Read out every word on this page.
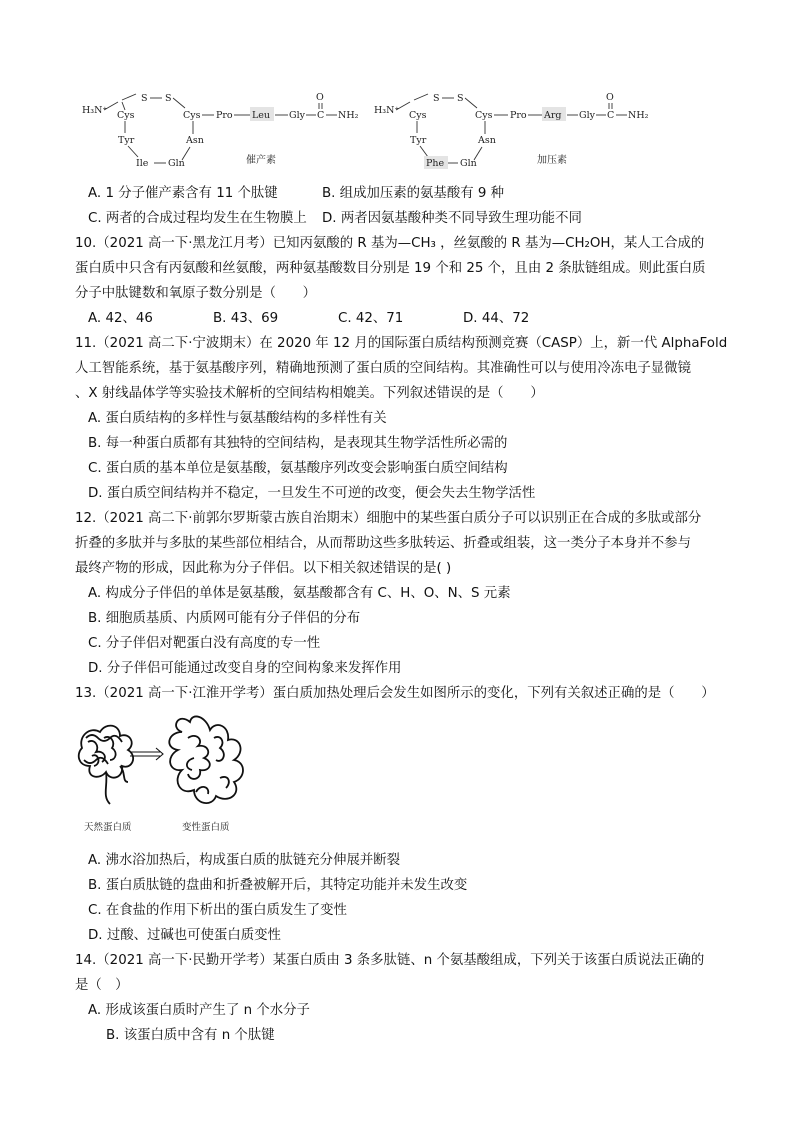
H₃N⁺
S S
Cys	Cys
Tyr
Ile Gln
Asn
Pro Leu Gly C
O
NH₂
催产素
H₃N⁺
S S
Cys	Cys
Tyr
Phe Gln
Asn
Pro Arg Gly C
O
NH₂
加压素
A. 1 分子催产素含有 11 个肽键	B. 组成加压素的氨基酸有 9 种
C. 两者的合成过程均发生在生物膜上 D. 两者因氨基酸种类不同导致生理功能不同
10.（2021 高一下·黑龙江月考）已知丙氨酸的 R 基为—CH₃ ，丝氨酸的 R 基为—CH₂OH，某人工合成的
蛋白质中只含有丙氨酸和丝氨酸，两种氨基酸数目分别是 19 个和 25 个，且由 2 条肽链组成。则此蛋白质
分子中肽键数和氧原子数分别是（　　）
A. 42、46	B. 43、69	C. 42、71	D. 44、72
11.（2021 高二下·宁波期末）在 2020 年 12 月的国际蛋白质结构预测竞赛（CASP）上，新一代 AlphaFold
人工智能系统，基于氨基酸序列，精确地预测了蛋白质的空间结构。其准确性可以与使用冷冻电子显微镜
、X 射线晶体学等实验技术解析的空间结构相媲美。下列叙述错误的是（　　）
A. 蛋白质结构的多样性与氨基酸结构的多样性有关
B. 每一种蛋白质都有其独特的空间结构，是表现其生物学活性所必需的
C. 蛋白质的基本单位是氨基酸，氨基酸序列改变会影响蛋白质空间结构
D. 蛋白质空间结构并不稳定，一旦发生不可逆的改变，便会失去生物学活性
12.（2021 高二下·前郭尔罗斯蒙古族自治期末）细胞中的某些蛋白质分子可以识别正在合成的多肽或部分
折叠的多肽并与多肽的某些部位相结合，从而帮助这些多肽转运、折叠或组装，这一类分子本身并不参与
最终产物的形成，因此称为分子伴侣。以下相关叙述错误的是( )
A. 构成分子伴侣的单体是氨基酸，氨基酸都含有 C、H、O、N、S 元素
B. 细胞质基质、内质网可能有分子伴侣的分布
C. 分子伴侣对靶蛋白没有高度的专一性
D. 分子伴侣可能通过改变自身的空间构象来发挥作用
13.（2021 高一下·江淮开学考）蛋白质加热处理后会发生如图所示的变化，下列有关叙述正确的是（　　）
天然蛋白质	变性蛋白质
A. 沸水浴加热后，构成蛋白质的肽链充分伸展并断裂
B. 蛋白质肽链的盘曲和折叠被解开后，其特定功能并未发生改变
C. 在食盐的作用下析出的蛋白质发生了变性
D. 过酸、过碱也可使蛋白质变性
14.（2021 高一下·民勤开学考）某蛋白质由 3 条多肽链、n 个氨基酸组成，下列关于该蛋白质说法正确的
是（　）
A. 形成该蛋白质时产生了 n 个水分子
B. 该蛋白质中含有 n 个肽键
